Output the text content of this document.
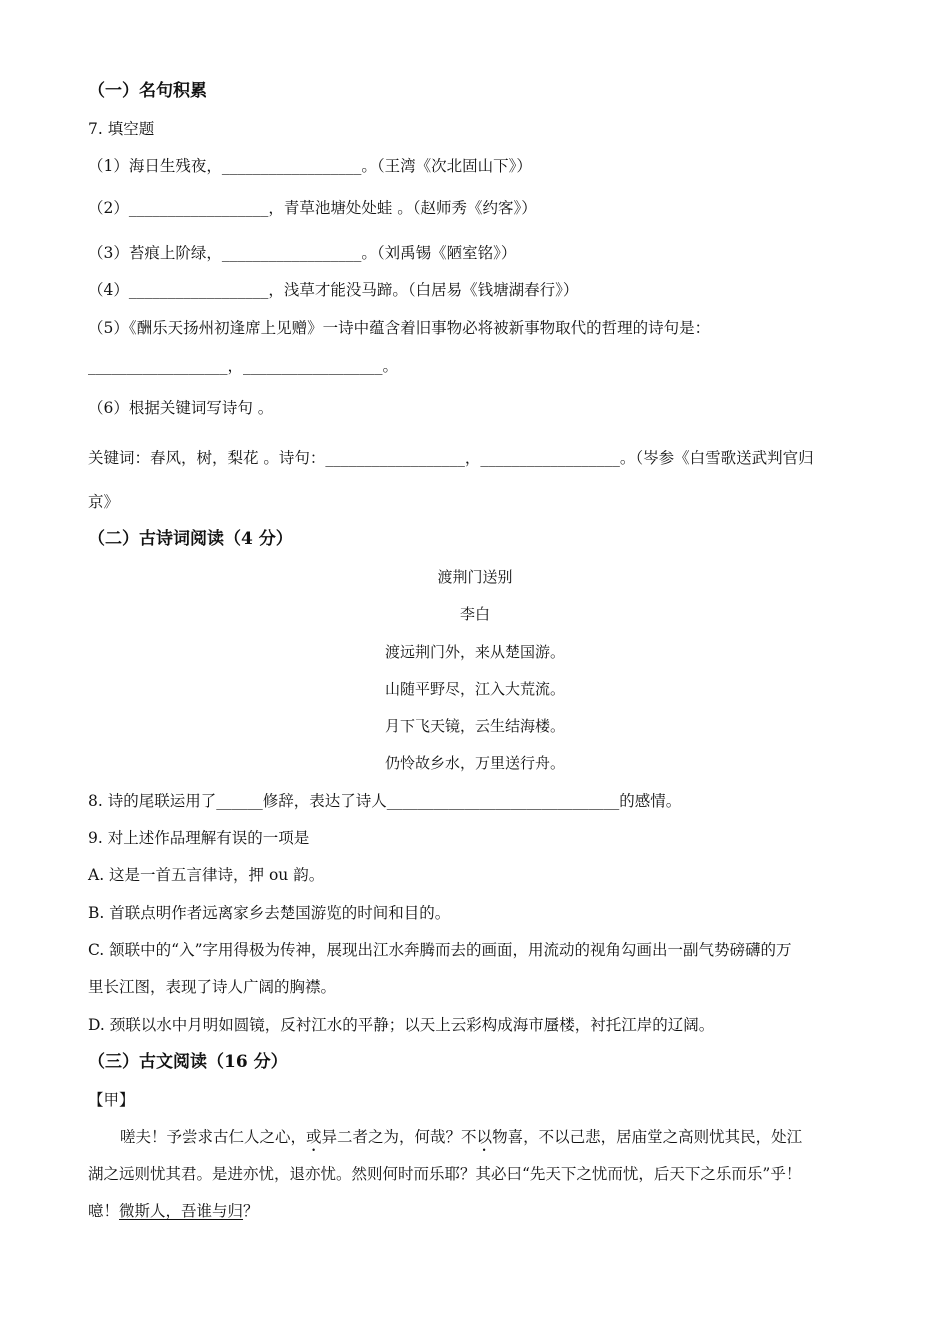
（一）名句积累
7. 填空题
（1）海日生残夜，__________________。（王湾《次北固山下》）
（2）__________________，青草池塘处处蛙 。（赵师秀《约客》）
（3）苔痕上阶绿，__________________。（刘禹锡《陋室铭》）
（4）__________________，浅草才能没马蹄。（白居易《钱塘湖春行》）
（5）《酬乐天扬州初逢席上见赠》一诗中蕴含着旧事物必将被新事物取代的哲理的诗句是：
__________________，__________________。
（6）根据关键词写诗句 。
关键词：春风，树，梨花 。诗句：__________________，__________________。（岑参《白雪歌送武判官归
京》
（二）古诗词阅读（4 分）
渡荆门送别
李白
渡远荆门外，来从楚国游。
山随平野尽，江入大荒流。
月下飞天镜，云生结海楼。
仍怜故乡水，万里送行舟。
8. 诗的尾联运用了______修辞，表达了诗人______________________________的感情。
9. 对上述作品理解有误的一项是
A. 这是一首五言律诗，押 ou 韵。
B. 首联点明作者远离家乡去楚国游览的时间和目的。
C. 颔联中的“入”字用得极为传神，展现出江水奔腾而去的画面，用流动的视角勾画出一副气势磅礴的万
里长江图，表现了诗人广阔的胸襟。
D. 颈联以水中月明如圆镜，反衬江水的平静；以天上云彩构成海市蜃楼，衬托江岸的辽阔。
（三）古文阅读（16 分）
【甲】
嗟夫！予尝求古仁人之心，或异二者之为，何哉？不以物喜，不以己悲，居庙堂之高则忧其民，处江
湖之远则忧其君。是进亦忧，退亦忧。然则何时而乐耶？其必曰“先天下之忧而忧，后天下之乐而乐”乎！
噫！微斯人，吾谁与归？
